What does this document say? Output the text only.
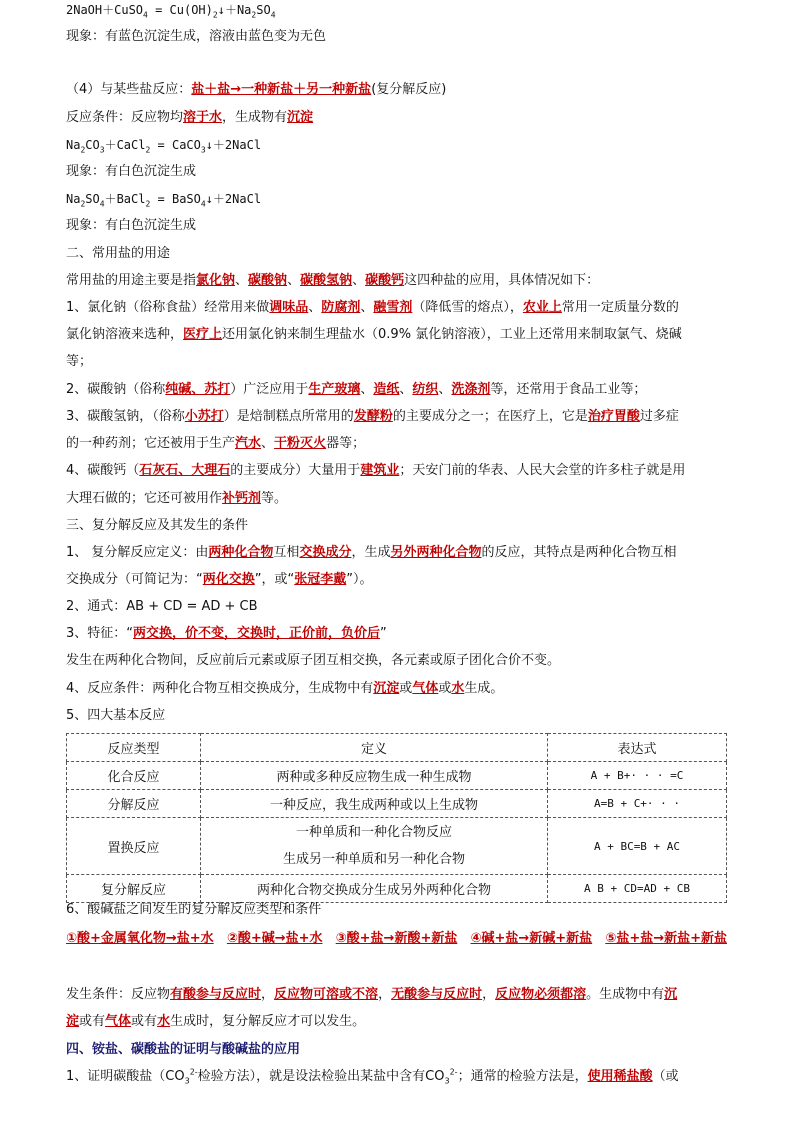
2NaOH＋CuSO$_4$ = $Cu(OH)_2↓+Na_2SO_4$
现象：有蓝色沉淀生成，溶液由蓝色变为无色
（4）与某些盐反应：盐＋盐→一种新盐＋另一种新盐(复分解反应)
反应条件：反应物均溶于水，生成物有沉淀
$Na_2CO_3+CaCl_2$ = CaCO$_3$↓＋2NaCl
现象：有白色沉淀生成
$Na_2SO_4+BaCl_2$ = BaSO$_4$↓＋2NaCl
现象：有白色沉淀生成
二、常用盐的用途
常用盐的用途主要是指氯化钠、碳酸钠、碳酸氢钠、碳酸钙这四种盐的应用，具体情况如下：
1、氯化钠（俗称食盐）经常用来做调味品、防腐剂、融雪剂（降低雪的熔点），农业上常用一定质量分数的
氯化钠溶液来选种，医疗上还用氯化钠来制生理盐水（0.9% 氯化钠溶液），工业上还常用来制取氯气、烧碱
等；
2、碳酸钠（俗称纯碱、苏打）广泛应用于生产玻璃、造纸、纺织、洗涤剂等，还常用于食品工业等；
3、碳酸氢钠，（俗称小苏打）是焙制糕点所常用的发酵粉的主要成分之一；在医疗上，它是治疗胃酸过多症
的一种药剂；它还被用于生产汽水、干粉灭火器等；
4、碳酸钙（石灰石、大理石的主要成分）大量用于建筑业；天安门前的华表、人民大会堂的许多柱子就是用
大理石做的；它还可被用作补钙剂等。
三、复分解反应及其发生的条件
1、 复分解反应定义：由两种化合物互相交换成分，生成另外两种化合物的反应，其特点是两种化合物互相
交换成分（可简记为：“两化交换”，或“张冠李戴”）。
2、通式：AB + CD = AD + CB
3、特征：“两交换，价不变，交换时，正价前，负价后”
发生在两种化合物间，反应前后元素或原子团互相交换，各元素或原子团化合价不变。
4、反应条件：两种化合物互相交换成分，生成物中有沉淀或气体或水生成。
5、四大基本反应
反应类型	定义	表达式
化合反应	两种或多种反应物生成一种生成物	A + B+· · · =C
分解反应	一种反应，我生成两种或以上生成物	A=B + C+· · ·
置换反应	一种单质和一种化合物反应
生成另一种单质和另一种化合物	A + BC=B + AC
复分解反应	两种化合物交换成分生成另外两种化合物	A B + CD=AD + CB
6、酸碱盐之间发生的复分解反应类型和条件
①酸+金属氧化物→盐+水 ②酸+碱→盐+水 ③酸+盐→新酸+新盐 ④碱+盐→新碱+新盐 ⑤盐+盐→新盐+新盐
发生条件：反应物有酸参与反应时，反应物可溶或不溶，无酸参与反应时，反应物必须都溶。生成物中有沉
淀或有气体或有水生成时，复分解反应才可以发生。
四、铵盐、碳酸盐的证明与酸碱盐的应用
1、证明碳酸盐（$CO_3^{2-}$检验方法），就是设法检验出某盐中含有$CO_3^{2-}$；通常的检验方法是，使用稀盐酸（或
